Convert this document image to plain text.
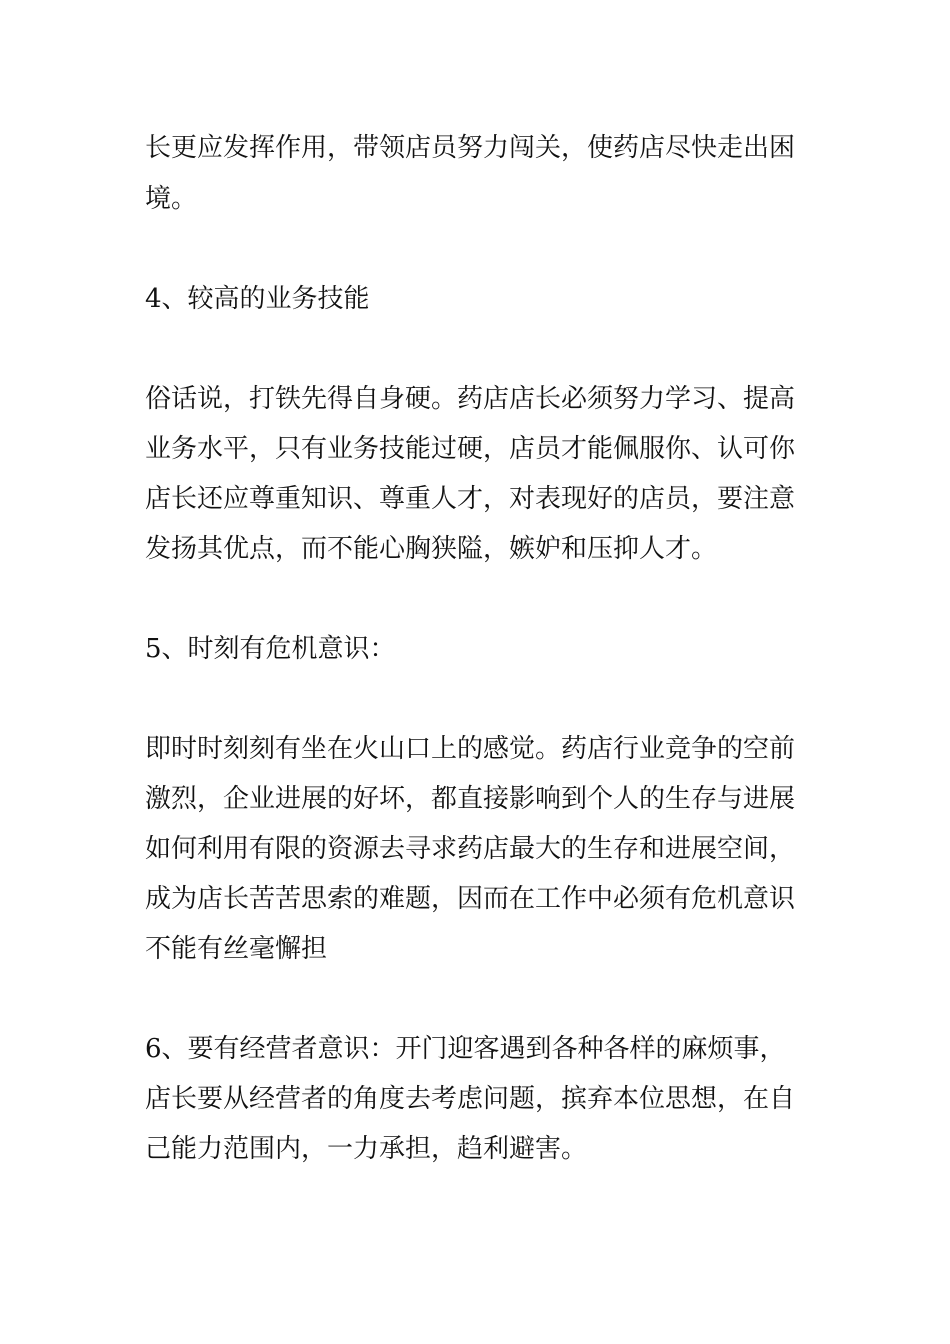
长更应发挥作用，带领店员努力闯关，使药店尽快走出困

境。

4、较高的业务技能

俗话说，打铁先得自身硬。药店店长必须努力学习、提高

业务水平，只有业务技能过硬，店员才能佩服你、认可你

店长还应尊重知识、尊重人才，对表现好的店员，要注意

发扬其优点，而不能心胸狭隘，嫉妒和压抑人才。

5、时刻有危机意识：

即时时刻刻有坐在火山口上的感觉。药店行业竞争的空前

激烈，企业进展的好坏，都直接影响到个人的生存与进展

如何利用有限的资源去寻求药店最大的生存和进展空间，

成为店长苦苦思索的难题，因而在工作中必须有危机意识

不能有丝毫懈担

6、要有经营者意识：开门迎客遇到各种各样的麻烦事，

店长要从经营者的角度去考虑问题，摈弃本位思想，在自

己能力范围内，一力承担，趋利避害。
